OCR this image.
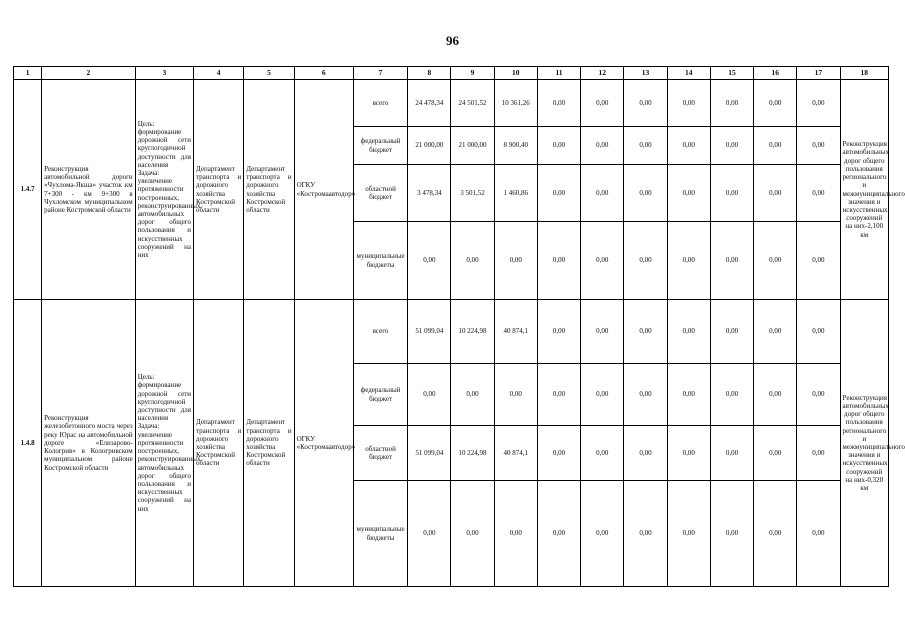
96
1	2	3	4	5	6	7	8	9	10	11	12	13	14	15	16	17	18
1.4.7	Реконструкция автомобильной дороги «Чухлома-Якша» участок км 7+300 - км 9+300 в Чухломском муниципальном районе Костромской области	Цель: формирование дорожной сети круглогодичной доступности для населения Задача: увеличение протяженности построенных, реконструированных автомобильных дорог общего пользования и искусственных сооружений на них	Департамент транспорта и дорожного хозяйства Костромской области	Департамент транспорта и дорожного хозяйства Костромской области	ОГКУ «Костромаавтодор»	всего	24 478,34	24 501,52	10 361,26	0,00	0,00	0,00	0,00	0,00	0,00	0,00	Реконструкция автомобильных дорог общего пользования регионального и межмуниципального значения и искусственных сооружений на них-2,100 км
						федеральный бюджет	21 000,00	21 000,00	8 900,40	0,00	0,00	0,00	0,00	0,00	0,00	0,00	
						областной бюджет	3 478,34	3 501,52	1 460,86	0,00	0,00	0,00	0,00	0,00	0,00	0,00	
						муниципальные бюджеты	0,00	0,00	0,00	0,00	0,00	0,00	0,00	0,00	0,00	0,00	
1.4.8	Реконструкция железобетонного моста через реку Юрас на автомобильной дороге «Елизарово-Кологрив» в Кологривском муниципальном районе Костромской области	Цель: формирование дорожной сети круглогодичной доступности для населения Задача: увеличение протяженности построенных, реконструированных автомобильных дорог общего пользования и искусственных сооружений на них	Департамент транспорта и дорожного хозяйства Костромской области	Департамент транспорта и дорожного хозяйства Костромской области	ОГКУ «Костромаавтодор»	всего	51 099,04	10 224,98	40 874,1	0,00	0,00	0,00	0,00	0,00	0,00	0,00	Реконструкция автомобильных дорог общего пользования регионального и межмуниципального значения и искусственных сооружений на них-0,320 км
						федеральный бюджет	0,00	0,00	0,00	0,00	0,00	0,00	0,00	0,00	0,00	0,00	
						областной бюджет	51 099,04	10 224,98	40 874,1	0,00	0,00	0,00	0,00	0,00	0,00	0,00	
						муниципальные бюджеты	0,00	0,00	0,00	0,00	0,00	0,00	0,00	0,00	0,00	0,00	
